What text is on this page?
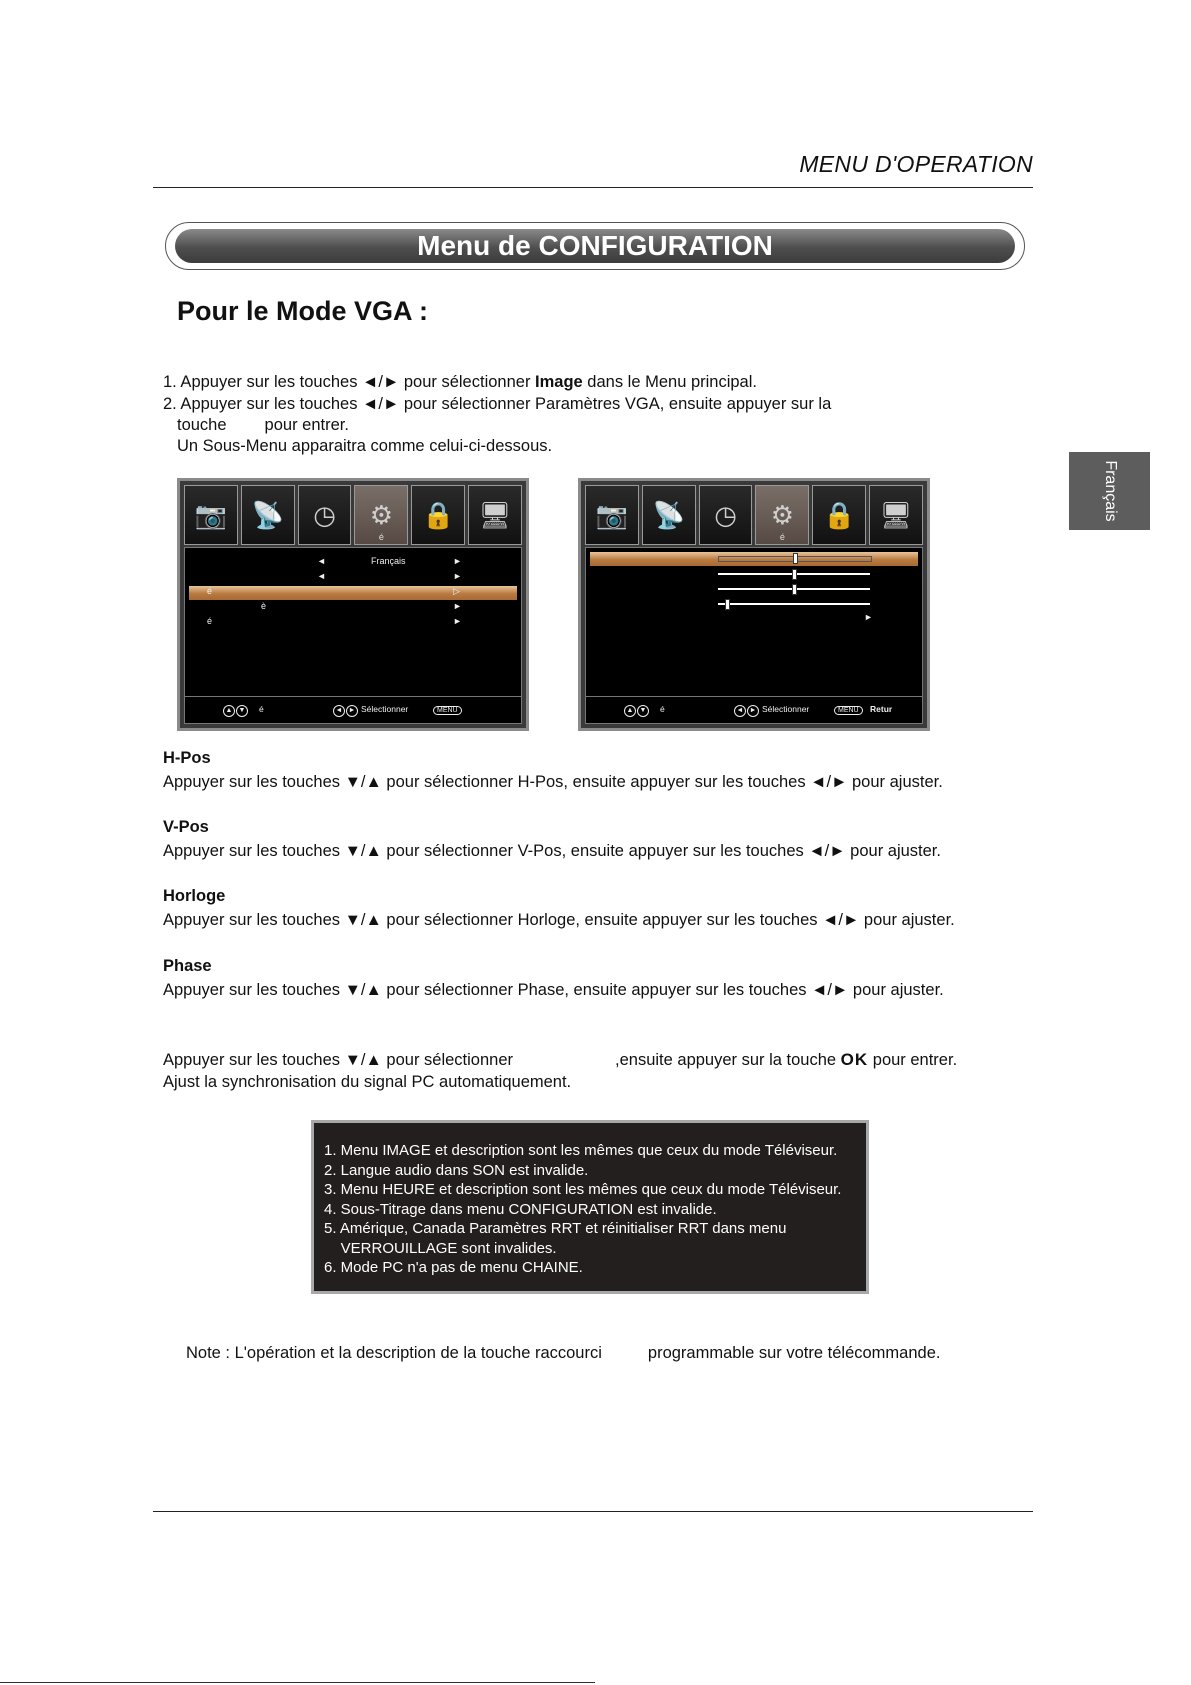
MENU D'OPERATION
Menu de CONFIGURATION
Pour le Mode VGA :
1. Appuyer sur les touches ◄/► pour sélectionner Image dans le Menu principal.
2. Appuyer sur les touches ◄/► pour sélectionner Paramètres VGA, ensuite appuyer sur la
touche pour entrer.
Un Sous-Menu apparaitra comme celui-ci-dessous.
Français
📷 📡 ◷ ⚙
é
🔒 🖥
◄	Français	►
◄	►
é	▷
è	►
é	►
▲ ▼	é	◄ ► Sélectionner	MENU
📷 📡 ◷ ⚙
é
🔒 🖥
►
▲ ▼	é	◄ ► Sélectionner	MENU	Retur
H-Pos
Appuyer sur les touches ▼/▲ pour sélectionner H-Pos, ensuite appuyer sur les touches ◄/► pour ajuster.
V-Pos
Appuyer sur les touches ▼/▲ pour sélectionner V-Pos, ensuite appuyer sur les touches ◄/► pour ajuster.
Horloge
Appuyer sur les touches ▼/▲ pour sélectionner Horloge, ensuite appuyer sur les touches ◄/► pour ajuster.
Phase
Appuyer sur les touches ▼/▲ pour sélectionner Phase, ensuite appuyer sur les touches ◄/► pour ajuster.
Appuyer sur les touches ▼/▲ pour sélectionner	,ensuite appuyer sur la touche OK pour entrer.
Ajust la synchronisation du signal PC automatiquement.
1. Menu IMAGE et description sont les mêmes que ceux du mode Téléviseur.
2. Langue audio dans SON est invalide.
3. Menu HEURE et description sont les mêmes que ceux du mode Téléviseur.
4. Sous-Titrage dans menu CONFIGURATION est invalide.
5. Amérique, Canada Paramètres RRT et réinitialiser RRT dans menu
VERROUILLAGE sont invalides.
6. Mode PC n'a pas de menu CHAINE.
Note : L'opération et la description de la touche raccourci	programmable sur votre télécommande.
